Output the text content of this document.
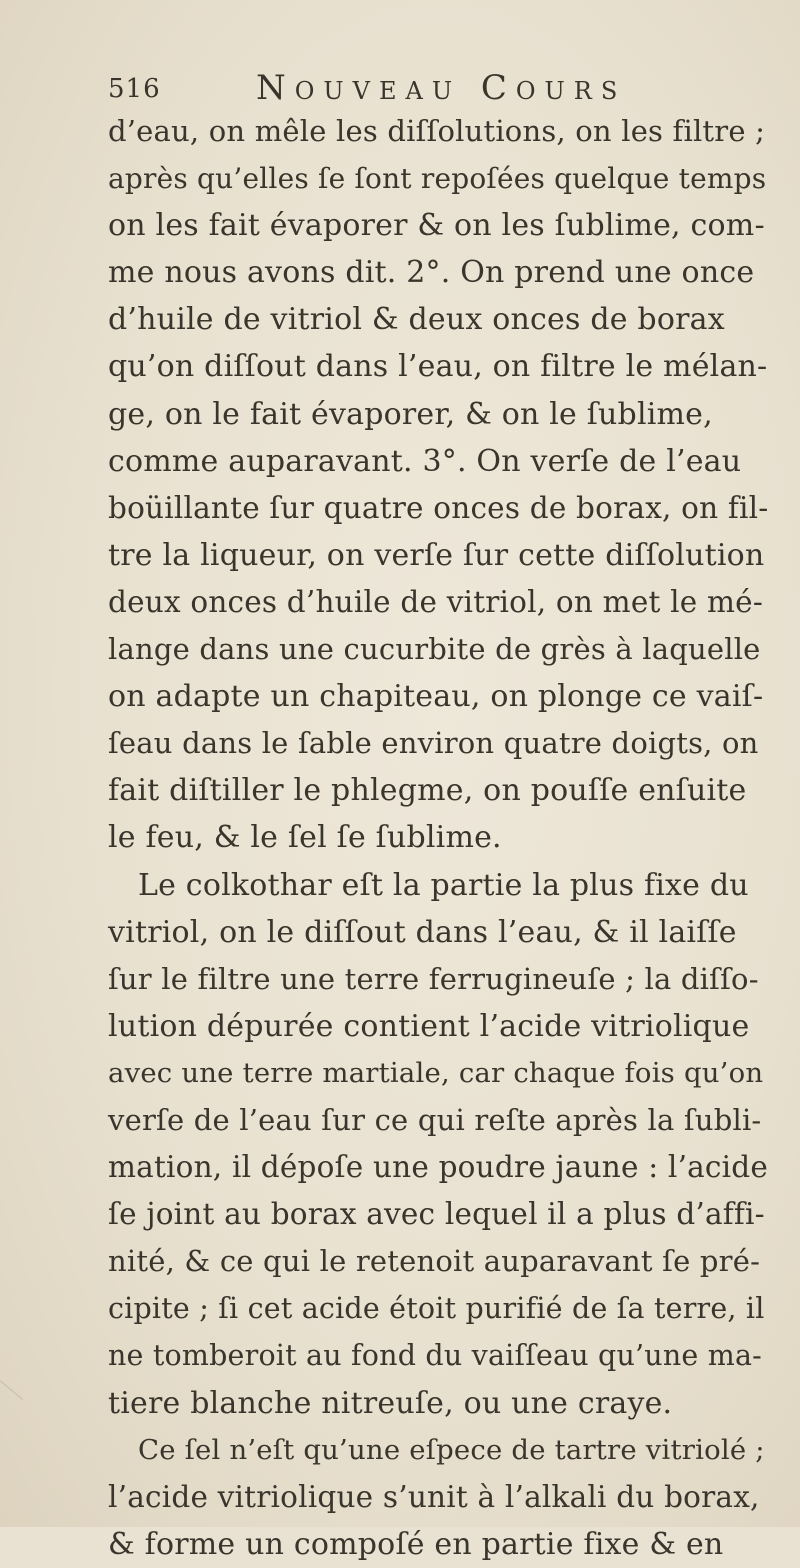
516	Nouveau Cours
d’eau, on mêle les diſſolutions, on les filtre ;
après qu’elles ſe ſont repoſées quelque temps
on les fait évaporer & on les ſublime, com-
me nous avons dit. 2°. On prend une once
d’huile de vitriol & deux onces de borax
qu’on diſſout dans l’eau, on filtre le mélan-
ge, on le fait évaporer, & on le ſublime,
comme auparavant. 3°. On verſe de l’eau
boüillante ſur quatre onces de borax, on fil-
tre la liqueur, on verſe ſur cette diſſolution
deux onces d’huile de vitriol, on met le mé-
lange dans une cucurbite de grès à laquelle
on adapte un chapiteau, on plonge ce vaiſ-
ſeau dans le ſable environ quatre doigts, on
fait diſtiller le phlegme, on pouſſe enſuite
le feu, & le ſel ſe ſublime.
Le colkothar eſt la partie la plus fixe du
vitriol, on le diſſout dans l’eau, & il laiſſe
ſur le filtre une terre ferrugineuſe ; la diſſo-
lution dépurée contient l’acide vitriolique
avec une terre martiale, car chaque fois qu’on
verſe de l’eau ſur ce qui reſte après la ſubli-
mation, il dépoſe une poudre jaune : l’acide
ſe joint au borax avec lequel il a plus d’affi-
nité, & ce qui le retenoit auparavant ſe pré-
cipite ; ſi cet acide étoit purifié de ſa terre, il
ne tomberoit au fond du vaiſſeau qu’une ma-
tiere blanche nitreuſe, ou une craye.
Ce ſel n’eſt qu’une eſpece de tartre vitriolé ;
l’acide vitriolique s’unit à l’alkali du borax,
& forme un compoſé en partie fixe & en
